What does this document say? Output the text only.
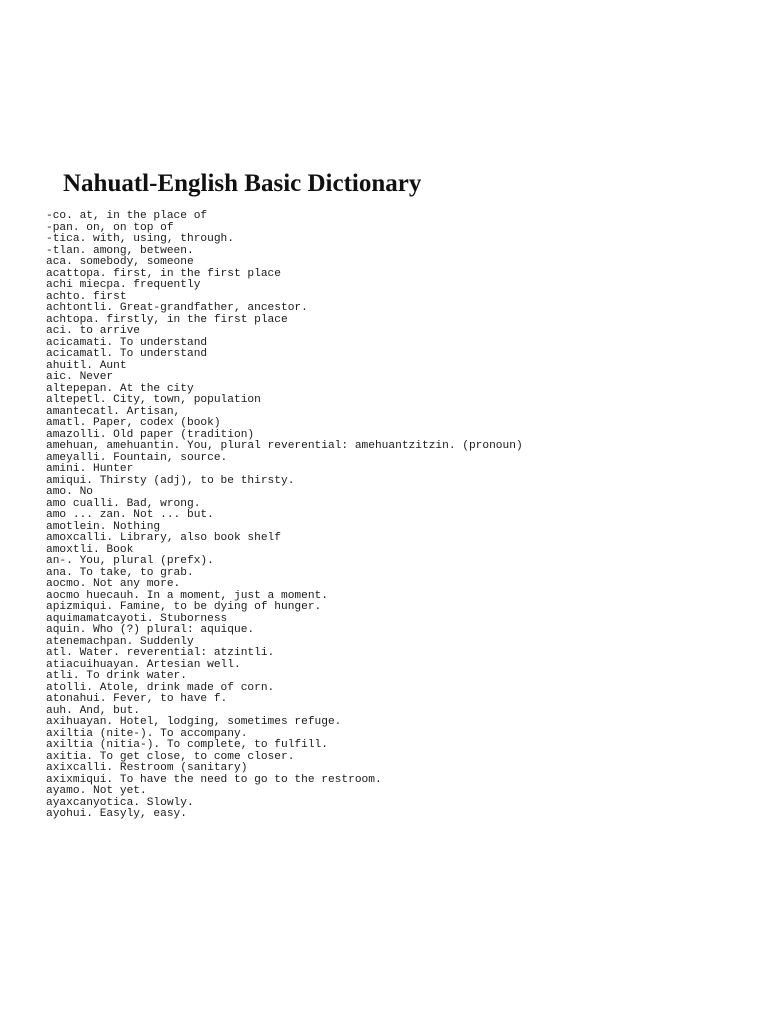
Nahuatl-English Basic Dictionary
-co. at, in the place of
-pan. on, on top of
-tica. with, using, through.
-tlan. among, between.
aca. somebody, someone
acattopa. first, in the first place
achi miecpa. frequently
achto. first
achtontli. Great-grandfather, ancestor.
achtopa. firstly, in the first place
aci. to arrive
acicamati. To understand
acicamatl. To understand
ahuitl. Aunt
aic. Never
altepepan. At the city
altepetl. City, town, population
amantecatl. Artisan,
amatl. Paper, codex (book)
amazolli. Old paper (tradition)
amehuan, amehuantin. You, plural reverential: amehuantzitzin. (pronoun)
ameyalli. Fountain, source.
amini. Hunter
amiqui. Thirsty (adj), to be thirsty.
amo. No
amo cualli. Bad, wrong.
amo ... zan. Not ... but.
amotlein. Nothing
amoxcalli. Library, also book shelf
amoxtli. Book
an-. You, plural (prefx).
ana. To take, to grab.
aocmo. Not any more.
aocmo huecauh. In a moment, just a moment.
apizmiqui. Famine, to be dying of hunger.
aquimamatcayoti. Stuborness
aquin. Who (?) plural: aquique.
atenemachpan. Suddenly
atl. Water. reverential: atzintli.
atiacuihuayan. Artesian well.
atli. To drink water.
atolli. Atole, drink made of corn.
atonahui. Fever, to have f.
auh. And, but.
axihuayan. Hotel, lodging, sometimes refuge.
axiltia (nite-). To accompany.
axiltia (nitia-). To complete, to fulfill.
axitia. To get close, to come closer.
axixcalli. Restroom (sanitary)
axixmiqui. To have the need to go to the restroom.
ayamo. Not yet.
ayaxcanyotica. Slowly.
ayohui. Easyly, easy.
